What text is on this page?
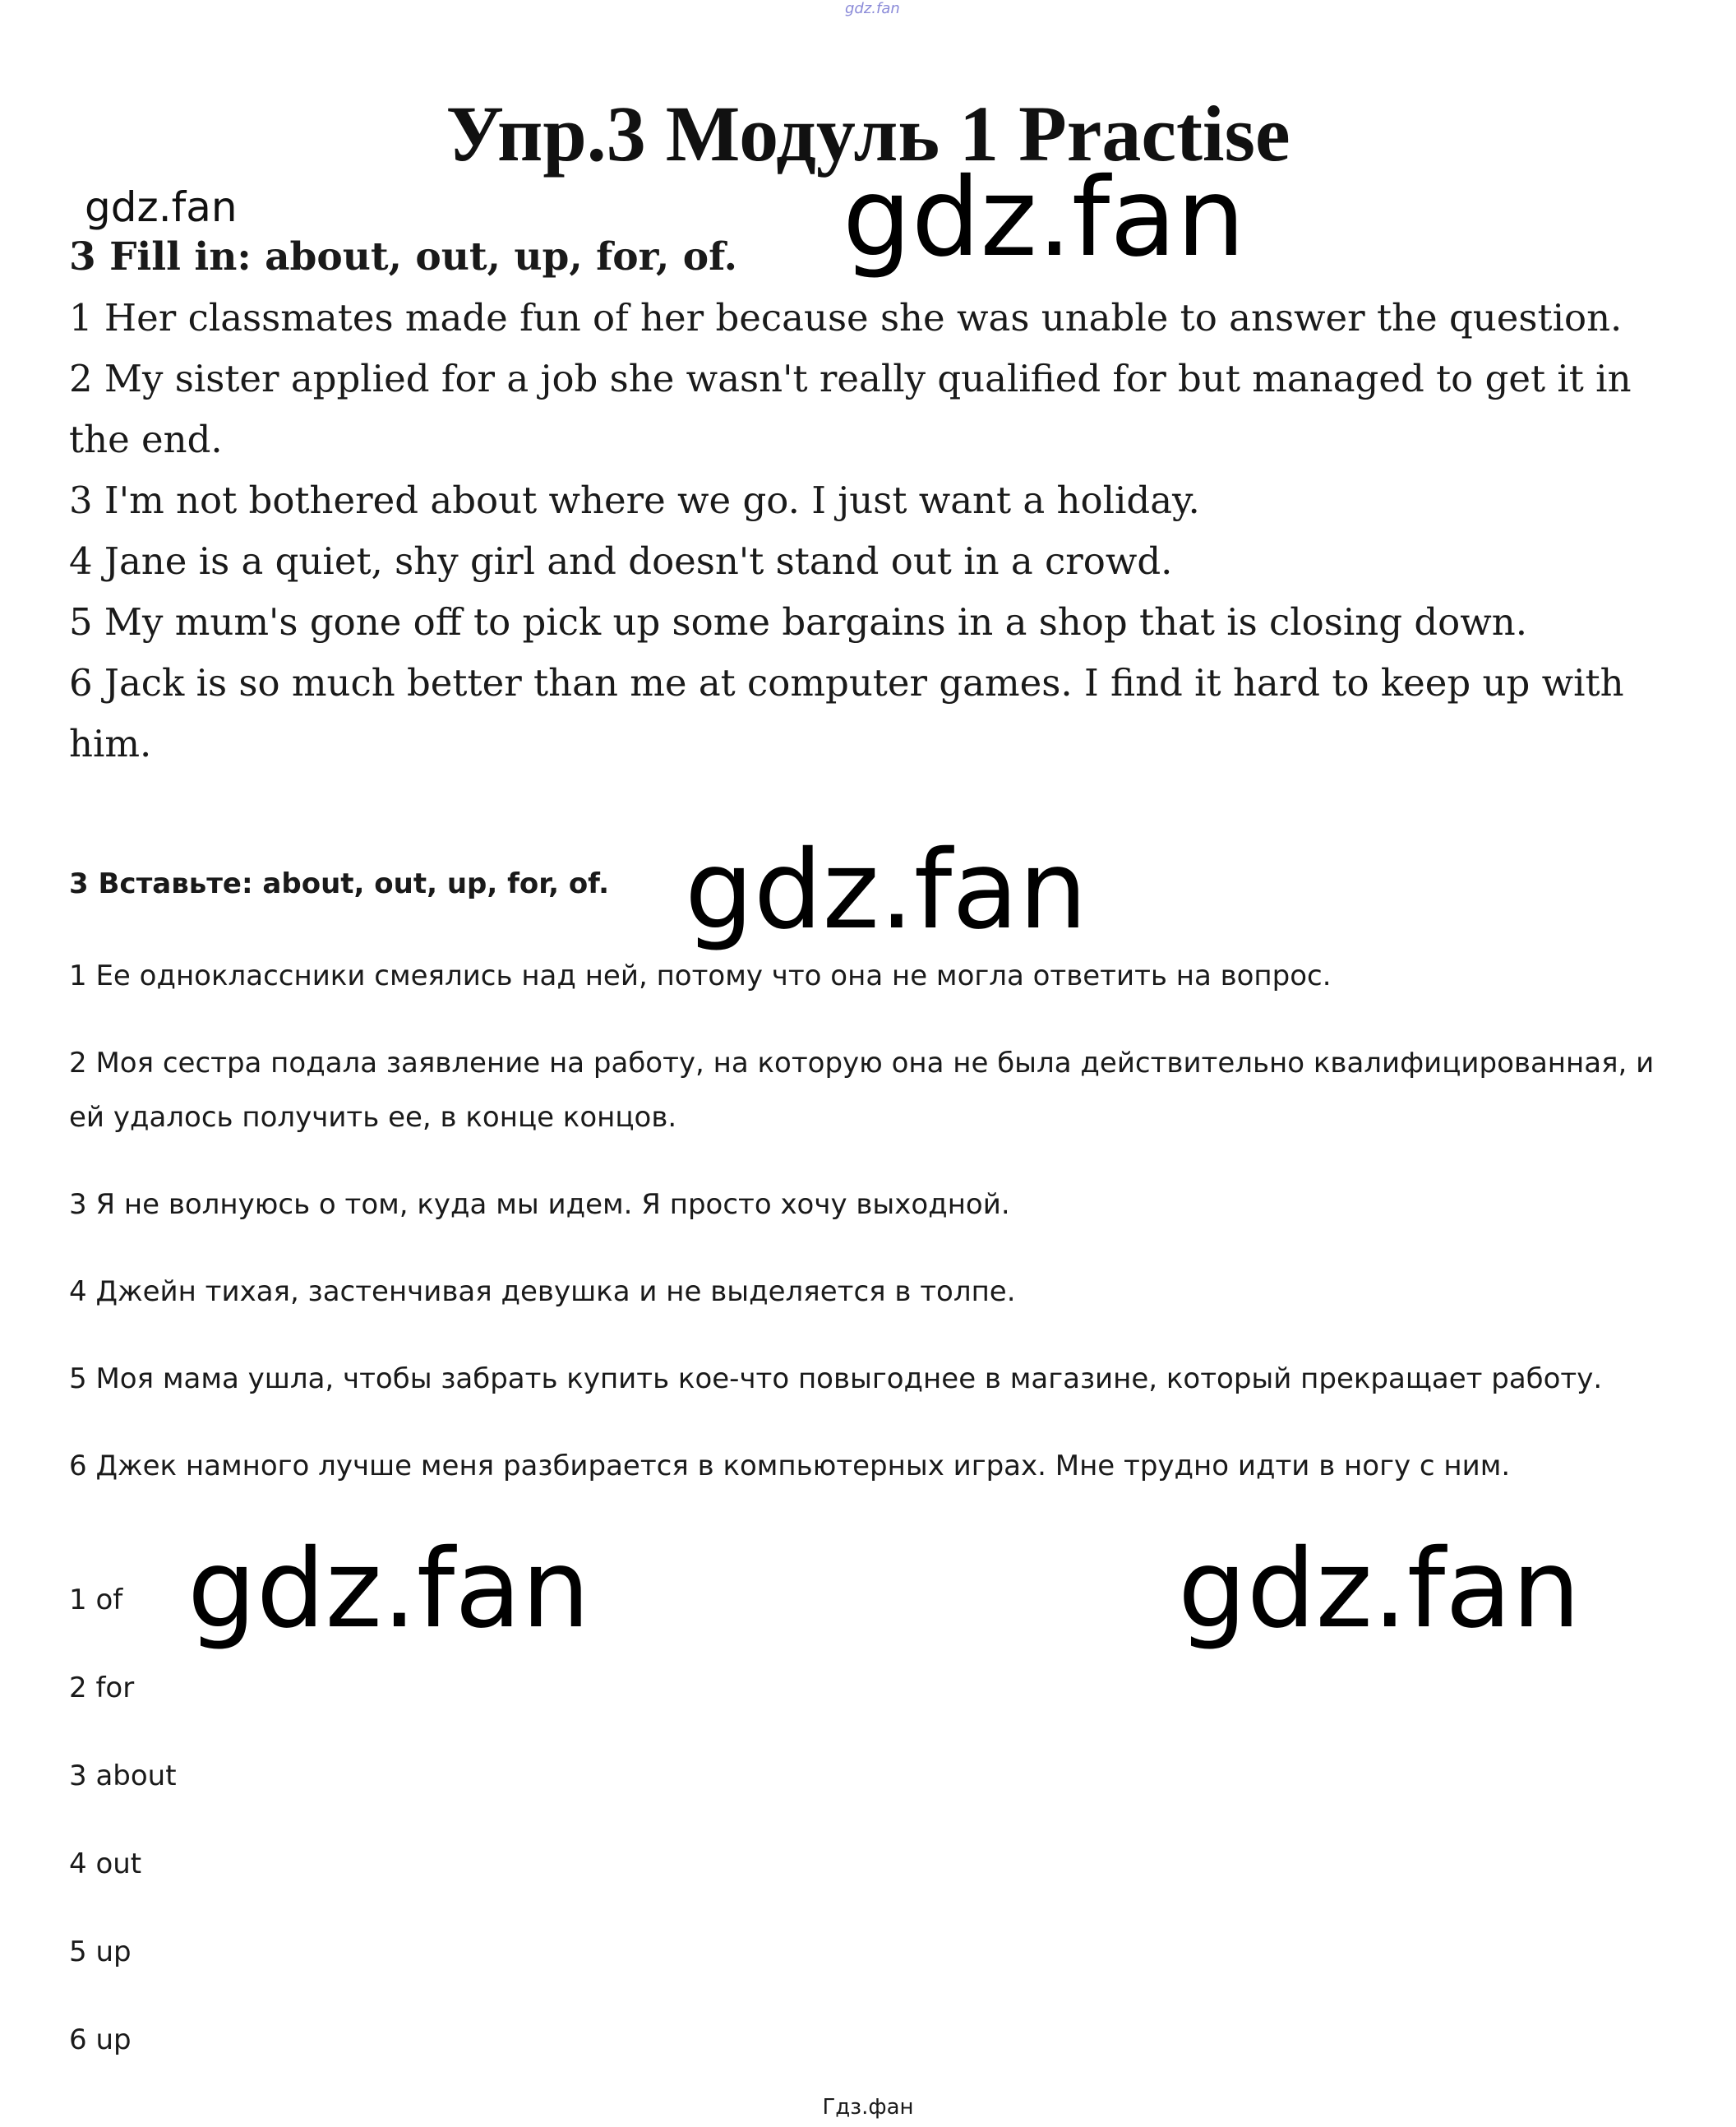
gdz.fan
Упр.3 Модуль 1 Practise
gdz.fan	gdz.fan
gdz.fan
gdz.fan	gdz.fan

3 Fill in: about, out, up, for, of.

1 Her classmates made fun of her because she was unable to answer the question.

2 My sister applied for a job she wasn't really qualified for but managed to get it in the end.

3 I'm not bothered about where we go. I just want a holiday.

4 Jane is a quiet, shy girl and doesn't stand out in a crowd.

5 My mum's gone off to pick up some bargains in a shop that is closing down.

6 Jack is so much better than me at computer games. I find it hard to keep up with him.

3 Вставьте: about, out, up, for, of.

1 Ее одноклассники смеялись над ней, потому что она не могла ответить на вопрос.

2 Моя сестра подала заявление на работу, на которую она не была действительно квалифицированная, и ей удалось получить ее, в конце концов.

3 Я не волнуюсь о том, куда мы идем. Я просто хочу выходной.

4 Джейн тихая, застенчивая девушка и не выделяется в толпе.

5 Моя мама ушла, чтобы забрать купить кое-что повыгоднее в магазине, который прекращает работу.

6 Джек намного лучше меня разбирается в компьютерных играх. Мне трудно идти в ногу с ним.

1 of
2 for
3 about
4 out
5 up
6 up
Гдз.фан
